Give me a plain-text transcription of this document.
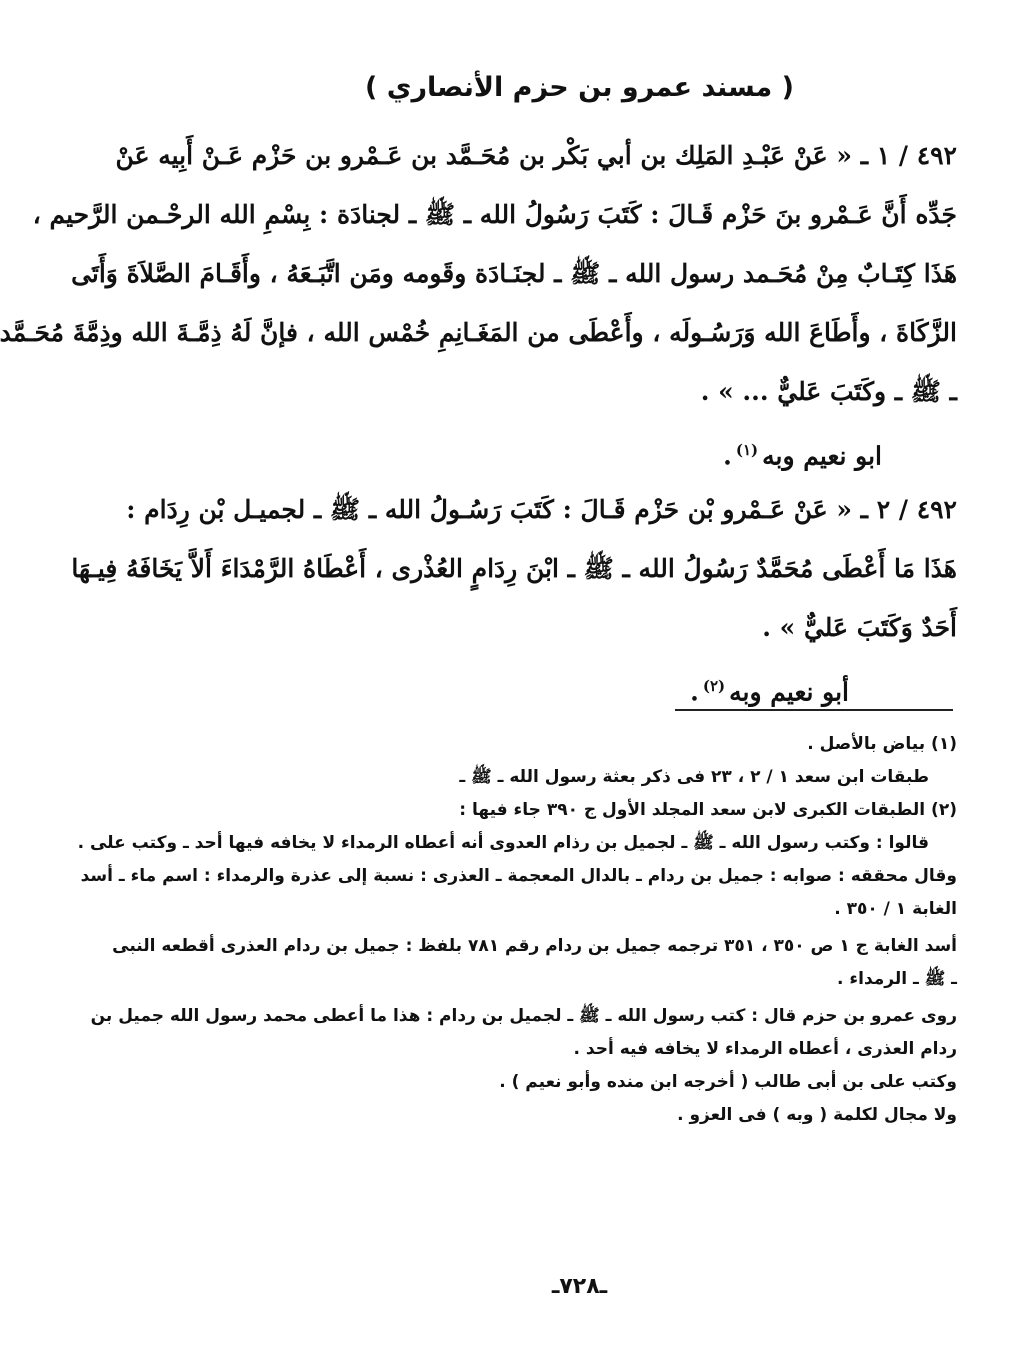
( مسند عمرو بن حزم الأنصاري )
٤٩٢ / ١ ـ « عَنْ عَبْـدِ المَلِك بن أبي بَكْر بن مُحَـمَّد بن عَـمْرو بن حَزْم عَـنْ أَبِيه عَنْ
جَدِّه أَنَّ عَـمْرو بنَ حَزْم قَـالَ : كَتَبَ رَسُولُ الله ـ ﷺ ـ لجنادَة : بِسْمِ الله الرحْـمن الرَّحيم ،
هَذَا كِتَـابٌ مِنْ مُحَـمد رسول الله ـ ﷺ ـ لجنَـادَة وقَومه ومَن اتَّبَـعَهُ ، وأَقَـامَ الصَّلاَةَ وَأَتَى
الزَّكَاةَ ، وأَطَاعَ الله وَرَسُـولَه ، وأَعْطَى من المَغَـانِمِ خُمْس الله ، فإنَّ لَهُ ذِمَّـةَ الله وذِمَّةَ مُحَـمَّد
ـ ﷺ ـ وكَتَبَ عَليٌّ ... » .
ابو نعيم وبه$^{(١)}$.
٤٩٢ / ٢ ـ « عَنْ عَـمْرو بْن حَزْم قَـالَ : كَتَبَ رَسُـولُ الله ـ ﷺ ـ لجميـل بْن رِدَام :
هَذَا مَا أَعْطَى مُحَمَّدٌ رَسُولُ الله ـ ﷺ ـ ابْنَ رِدَامٍ العُذْرى ، أَعْطَاهُ الرَّمْدَاءَ أَلاَّ يَخَافَهُ فِيـهَا
أَحَدٌ وَكَتَبَ عَليٌّ » .
أبو نعيم وبه$^{(٢)}$.
(١) بياض بالأصل .
طبقات ابن سعد ١ / ٢ ، ٢٣ فى ذكر بعثة رسول الله ـ ﷺ ـ
(٢) الطبقات الكبرى لابن سعد المجلد الأول ج ٣٩٠ جاء فيها :
قالوا : وكتب رسول الله ـ ﷺ ـ لجميل بن رذام العدوى أنه أعطاه الرمداء لا يخافه فيها أحد ـ وكتب على .
وقال محققه : صوابه : جميل بن ردام ـ بالدال المعجمة ـ العذرى : نسبة إلى عذرة والرمداء : اسم ماء ـ أسد
الغابة ١ / ٣٥٠ .
أسد الغابة ج ١ ص ٣٥٠ ، ٣٥١ ترجمه جميل بن ردام رقم ٧٨١ بلفظ : جميل بن ردام العذرى أقطعه النبى
ـ ﷺ ـ الرمداء .
روى عمرو بن حزم قال : كتب رسول الله ـ ﷺ ـ لجميل بن ردام : هذا ما أعطى محمد رسول الله جميل بن
ردام العذرى ، أعطاه الرمداء لا يخافه فيه أحد .
وكتب على بن أبى طالب ( أخرجه ابن منده وأبو نعيم ) .
ولا مجال لكلمة ( وبه ) فى العزو .
ـ٧٢٨ـ
